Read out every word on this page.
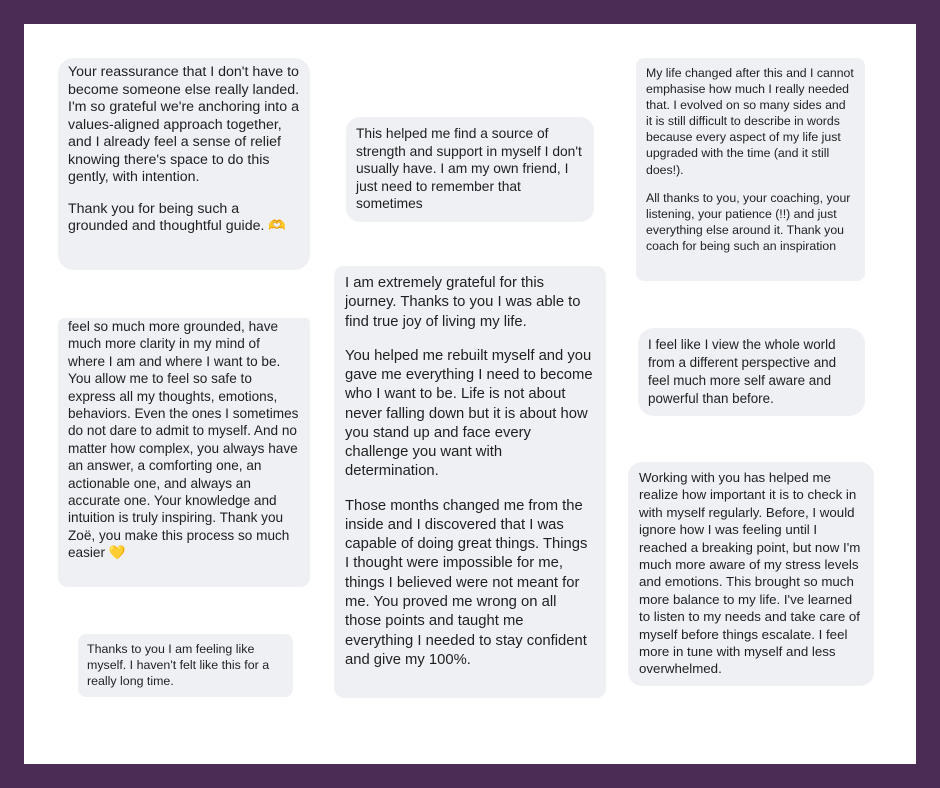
Your reassurance that I don't have to become someone else really landed. I'm so grateful we're anchoring into a values-aligned approach together, and I already feel a sense of relief knowing there's space to do this gently, with intention.

Thank you for being such a grounded and thoughtful guide. 🫶

This helped me find a source of strength and support in myself I don't usually have. I am my own friend, I just need to remember that sometimes

My life changed after this and I cannot emphasise how much I really needed that. I evolved on so many sides and it is still difficult to describe in words because every aspect of my life just upgraded with the time (and it still does!).

All thanks to you, your coaching, your listening, your patience (!!) and just everything else around it. Thank you coach for being such an inspiration

feel so much more grounded, have much more clarity in my mind of where I am and where I want to be. You allow me to feel so safe to express all my thoughts, emotions, behaviors. Even the ones I sometimes do not dare to admit to myself. And no matter how complex, you always have an answer, a comforting one, an actionable one, and always an accurate one. Your knowledge and intuition is truly inspiring. Thank you Zoë, you make this process so much easier 💛

I am extremely grateful for this journey. Thanks to you I was able to find true joy of living my life.

You helped me rebuilt myself and you gave me everything I need to become who I want to be. Life is not about never falling down but it is about how you stand up and face every challenge you want with determination.

Those months changed me from the inside and I discovered that I was capable of doing great things. Things I thought were impossible for me, things I believed were not meant for me. You proved me wrong on all those points and taught me everything I needed to stay confident and give my 100%.

I feel like I view the whole world from a different perspective and feel much more self aware and powerful than before.

Working with you has helped me realize how important it is to check in with myself regularly. Before, I would ignore how I was feeling until I reached a breaking point, but now I'm much more aware of my stress levels and emotions. This brought so much more balance to my life. I've learned to listen to my needs and take care of myself before things escalate. I feel more in tune with myself and less overwhelmed.

Thanks to you I am feeling like myself. I haven't felt like this for a really long time.
